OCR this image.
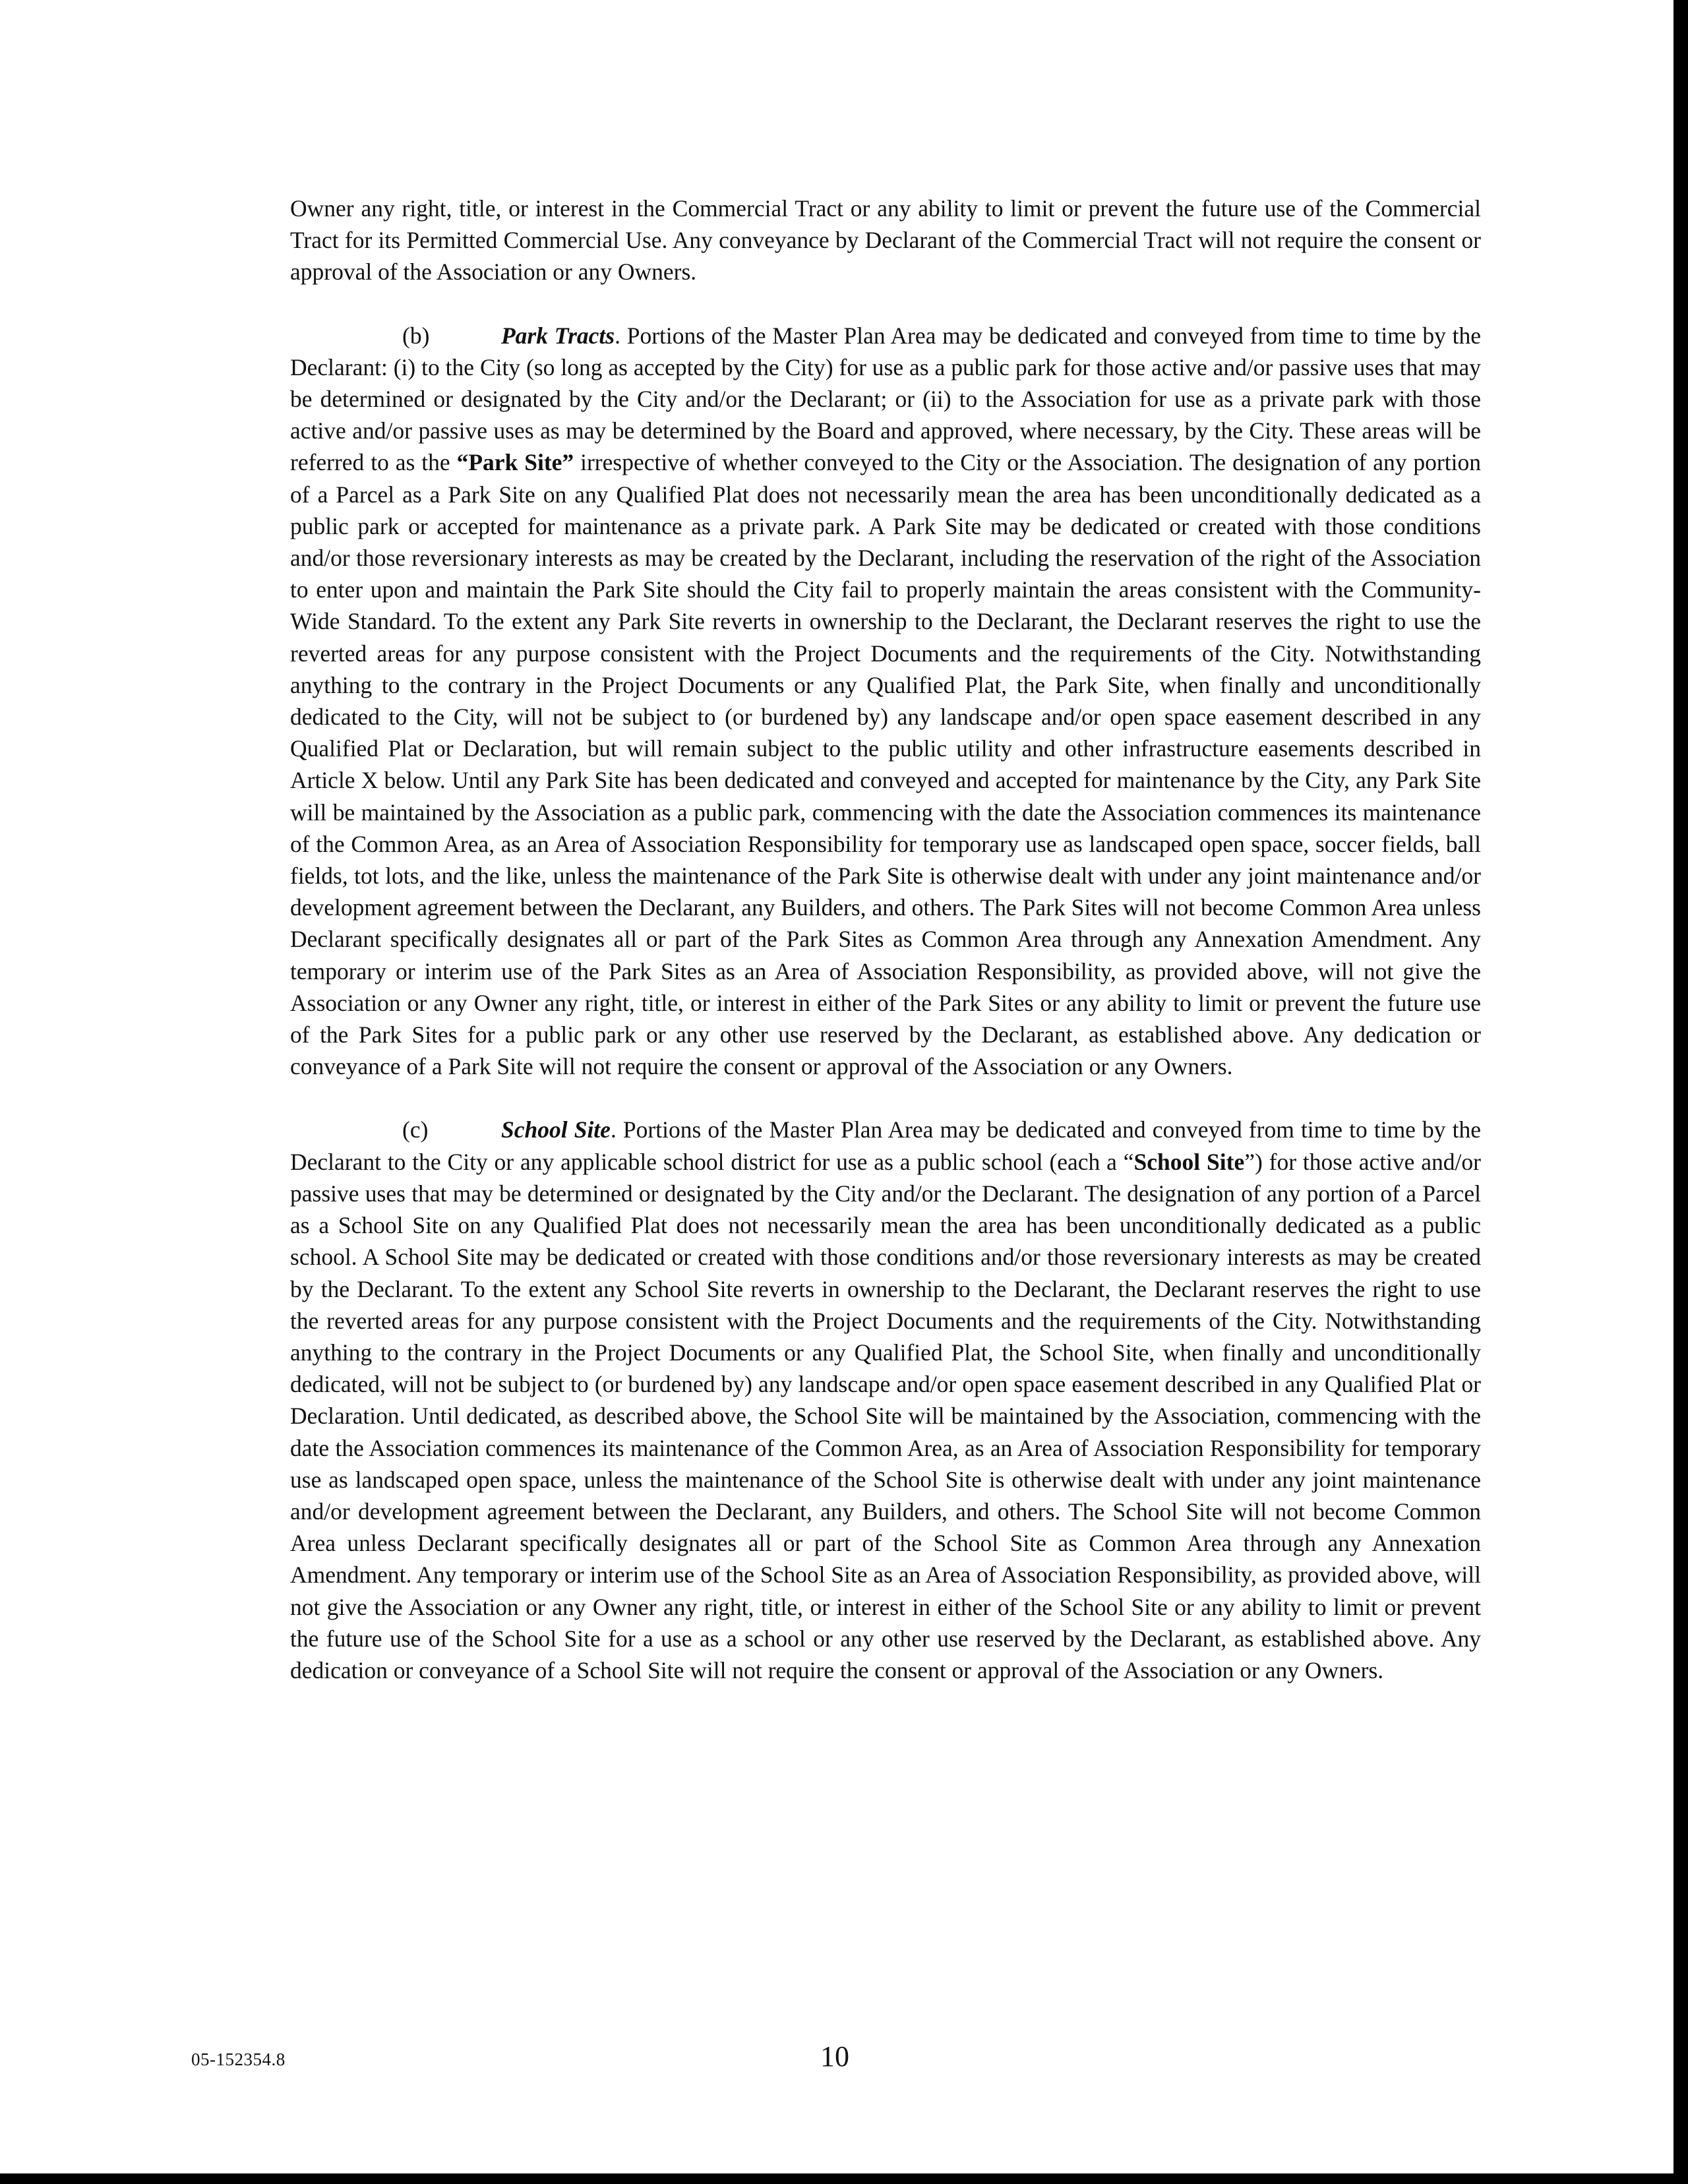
Owner any right, title, or interest in the Commercial Tract or any ability to limit or prevent the future use of the Commercial Tract for its Permitted Commercial Use. Any conveyance by Declarant of the Commercial Tract will not require the consent or approval of the Association or any Owners.

(b)	Park Tracts. Portions of the Master Plan Area may be dedicated and conveyed from time to time by the Declarant: (i) to the City (so long as accepted by the City) for use as a public park for those active and/or passive uses that may be determined or designated by the City and/or the Declarant; or (ii) to the Association for use as a private park with those active and/or passive uses as may be determined by the Board and approved, where necessary, by the City. These areas will be referred to as the “Park Site” irrespective of whether conveyed to the City or the Association. The designation of any portion of a Parcel as a Park Site on any Qualified Plat does not necessarily mean the area has been unconditionally dedicated as a public park or accepted for maintenance as a private park. A Park Site may be dedicated or created with those conditions and/or those reversionary interests as may be created by the Declarant, including the reservation of the right of the Association to enter upon and maintain the Park Site should the City fail to properly maintain the areas consistent with the Community-Wide Standard. To the extent any Park Site reverts in ownership to the Declarant, the Declarant reserves the right to use the reverted areas for any purpose consistent with the Project Documents and the requirements of the City. Notwithstanding anything to the contrary in the Project Documents or any Qualified Plat, the Park Site, when finally and unconditionally dedicated to the City, will not be subject to (or burdened by) any landscape and/or open space easement described in any Qualified Plat or Declaration, but will remain subject to the public utility and other infrastructure easements described in Article X below. Until any Park Site has been dedicated and conveyed and accepted for maintenance by the City, any Park Site will be maintained by the Association as a public park, commencing with the date the Association commences its maintenance of the Common Area, as an Area of Association Responsibility for temporary use as landscaped open space, soccer fields, ball fields, tot lots, and the like, unless the maintenance of the Park Site is otherwise dealt with under any joint maintenance and/or development agreement between the Declarant, any Builders, and others. The Park Sites will not become Common Area unless Declarant specifically designates all or part of the Park Sites as Common Area through any Annexation Amendment. Any temporary or interim use of the Park Sites as an Area of Association Responsibility, as provided above, will not give the Association or any Owner any right, title, or interest in either of the Park Sites or any ability to limit or prevent the future use of the Park Sites for a public park or any other use reserved by the Declarant, as established above. Any dedication or conveyance of a Park Site will not require the consent or approval of the Association or any Owners.

(c)	School Site. Portions of the Master Plan Area may be dedicated and conveyed from time to time by the Declarant to the City or any applicable school district for use as a public school (each a “School Site”) for those active and/or passive uses that may be determined or designated by the City and/or the Declarant. The designation of any portion of a Parcel as a School Site on any Qualified Plat does not necessarily mean the area has been unconditionally dedicated as a public school. A School Site may be dedicated or created with those conditions and/or those reversionary interests as may be created by the Declarant. To the extent any School Site reverts in ownership to the Declarant, the Declarant reserves the right to use the reverted areas for any purpose consistent with the Project Documents and the requirements of the City. Notwithstanding anything to the contrary in the Project Documents or any Qualified Plat, the School Site, when finally and unconditionally dedicated, will not be subject to (or burdened by) any landscape and/or open space easement described in any Qualified Plat or Declaration. Until dedicated, as described above, the School Site will be maintained by the Association, commencing with the date the Association commences its maintenance of the Common Area, as an Area of Association Responsibility for temporary use as landscaped open space, unless the maintenance of the School Site is otherwise dealt with under any joint maintenance and/or development agreement between the Declarant, any Builders, and others. The School Site will not become Common Area unless Declarant specifically designates all or part of the School Site as Common Area through any Annexation Amendment. Any temporary or interim use of the School Site as an Area of Association Responsibility, as provided above, will not give the Association or any Owner any right, title, or interest in either of the School Site or any ability to limit or prevent the future use of the School Site for a use as a school or any other use reserved by the Declarant, as established above. Any dedication or conveyance of a School Site will not require the consent or approval of the Association or any Owners.

05-152354.8	10
